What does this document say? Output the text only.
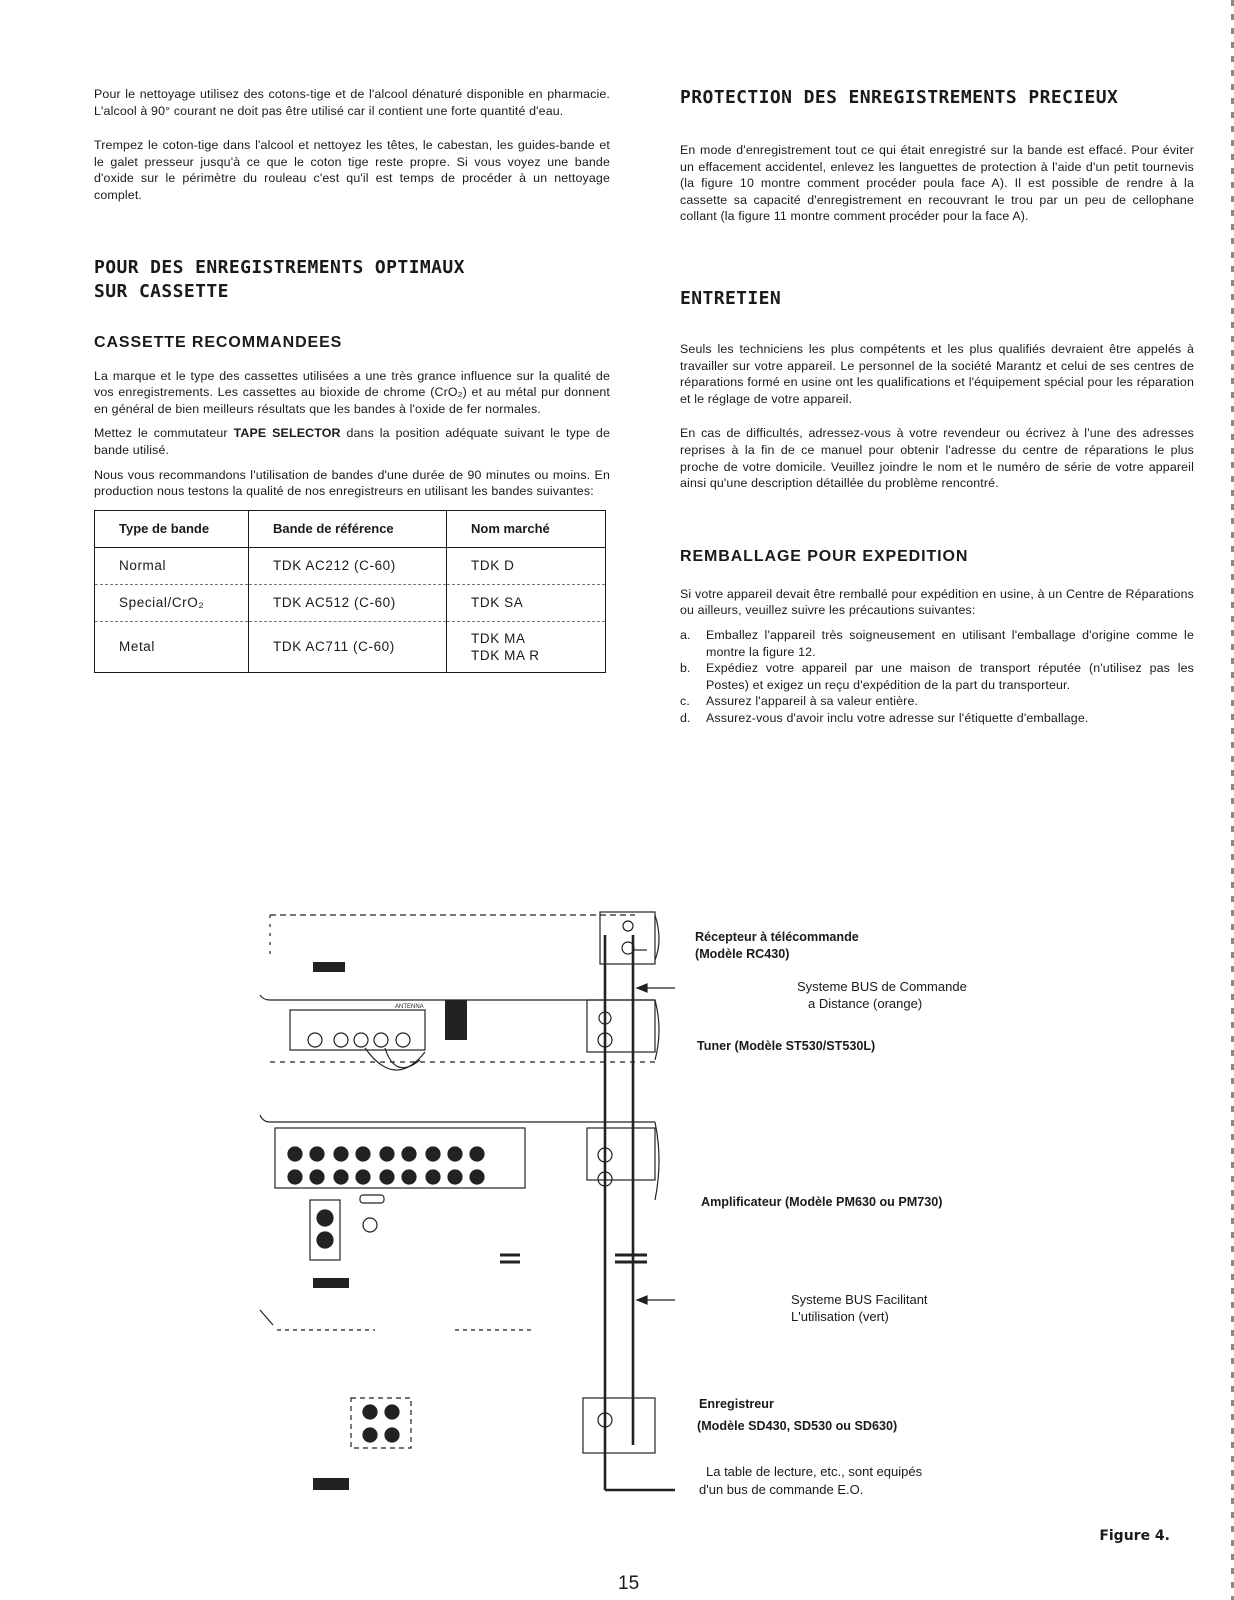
Pour le nettoyage utilisez des cotons-tige et de l'alcool dénaturé disponible en pharmacie. L'alcool à 90° courant ne doit pas être utilisé car il contient une forte quantité d'eau.

Trempez le coton-tige dans l'alcool et nettoyez les têtes, le cabestan, les guides-bande et le galet presseur jusqu'à ce que le coton tige reste propre. Si vous voyez une bande d'oxide sur le périmètre du rouleau c'est qu'il est temps de procéder à un nettoyage complet.

POUR DES ENREGISTREMENTS OPTIMAUX
SUR CASSETTE
CASSETTE RECOMMANDEES

La marque et le type des cassettes utilisées a une très grance influence sur la qualité de vos enregistrements. Les cassettes au bioxide de chrome (CrO₂) et au métal pur donnent en général de bien meilleurs résultats que les bandes à l'oxide de fer normales.

Mettez le commutateur TAPE SELECTOR dans la position adéquate suivant le type de bande utilisé.

Nous vous recommandons l'utilisation de bandes d'une durée de 90 minutes ou moins. En production nous testons la qualité de nos enregistreurs en utilisant les bandes suivantes:

Type de bande	Bande de référence	Nom marché
Normal	TDK AC212 (C-60)	TDK D

Special/CrO₂	TDK AC512 (C-60)	TDK SA

Metal	TDK AC711 (C-60)	TDK MA
TDK MA R
PROTECTION DES ENREGISTREMENTS PRECIEUX

En mode d'enregistrement tout ce qui était enregistré sur la bande est effacé. Pour éviter un effacement accidentel, enlevez les languettes de protection à l'aide d'un petit tournevis (la figure 10 montre comment procéder poula face A). Il est possible de rendre à la cassette sa capacité d'enregistrement en recouvrant le trou par un peu de cellophane collant (la figure 11 montre comment procéder pour la face A).

ENTRETIEN

Seuls les techniciens les plus compétents et les plus qualifiés devraient être appelés à travailler sur votre appareil. Le personnel de la société Marantz et celui de ses centres de réparations formé en usine ont les qualifications et l'équipement spécial pour les réparation et le réglage de votre appareil.

En cas de difficultés, adressez-vous à votre revendeur ou écrivez à l'une des adresses reprises à la fin de ce manuel pour obtenir l'adresse du centre de réparations le plus proche de votre domicile. Veuillez joindre le nom et le numéro de série de votre appareil ainsi qu'une description détaillée du problème rencontré.

REMBALLAGE POUR EXPEDITION

Si votre appareil devait être remballé pour expédition en usine, à un Centre de Réparations ou ailleurs, veuillez suivre les précautions suivantes:

a. Emballez l'appareil très soigneusement en utilisant l'emballage d'origine comme le montre la figure 12.
b. Expédiez votre appareil par une maison de transport réputée (n'utilisez pas les Postes) et exigez un reçu d'expédition de la part du transporteur.
c. Assurez l'appareil à sa valeur entière.
d. Assurez-vous d'avoir inclu votre adresse sur l'étiquette d'emballage.
ANTENNA
Récepteur à télécommande
(Modèle RC430)
Systeme BUS de Commande
a Distance (orange)
Tuner (Modèle ST530/ST530L)
Amplificateur (Modèle PM630 ou PM730)
Systeme BUS Facilitant
L'utilisation (vert)
Enregistreur
(Modèle SD430, SD530 ou SD630)
La table de lecture, etc., sont equipés
d'un bus de commande E.O.
Figure 4.
15
